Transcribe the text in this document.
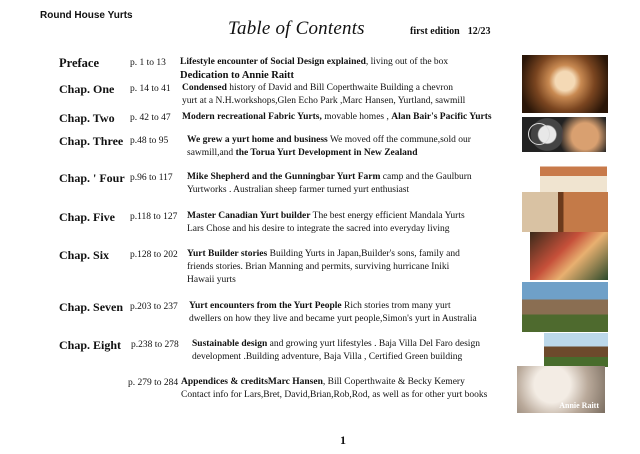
Round House Yurts
Table of Contents	first edition 12/23
Preface	p. 1 to 13 Lifestyle encounter of Social Design explained, living out of the box
Dedication to Annie Raitt
Chap. One p. 14 to 41 Condensed history of David and Bill Coperthwaite Building a chevron
yurt at a N.H.workshops,Glen Echo Park ,Marc Hansen, Yurtland, sawmill
Chap. Two p. 42 to 47 Modern recreational Fabric Yurts, movable homes , Alan Bair's Pacific Yurts
Chap. Three p.48 to 95 We grew a yurt home and business We moved off the commune,sold our
sawmill,and the Torua Yurt Development in New Zealand
Chap. ' Four p.96 to 117 Mike Shepherd and the Gunningbar Yurt Farm camp and the Gaulburn
Yurtworks . Australian sheep farmer turned yurt enthusiast
Chap. Five p.118 to 127 Master Canadian Yurt builder The best energy efficient Mandala Yurts
Lars Chose and his desire to integrate the sacred into everyday living
Chap. Six p.128 to 202 Yurt Builder stories Building Yurts in Japan,Builder's sons, family and
friends stories. Brian Manning and permits, surviving hurricane Iniki
Hawaii yurts
Chap. Seven p.203 to 237 Yurt encounters from the Yurt People Rich stories trom many yurt
dwellers on how they live and became yurt people,Simon's yurt in Australia
Chap. Eight p.238 to 278 Sustainable design and growing yurt lifestyles . Baja Villa Del Faro design
development .Building adventure, Baja Villa , Certified Green building
p. 279 to 284 Appendices & creditsMarc Hansen, Bill Coperthwaite & Becky Kemery
Contact info for Lars,Bret, David,Brian,Rob,Rod, as well as for other yurt books
Annie Raitt
1
